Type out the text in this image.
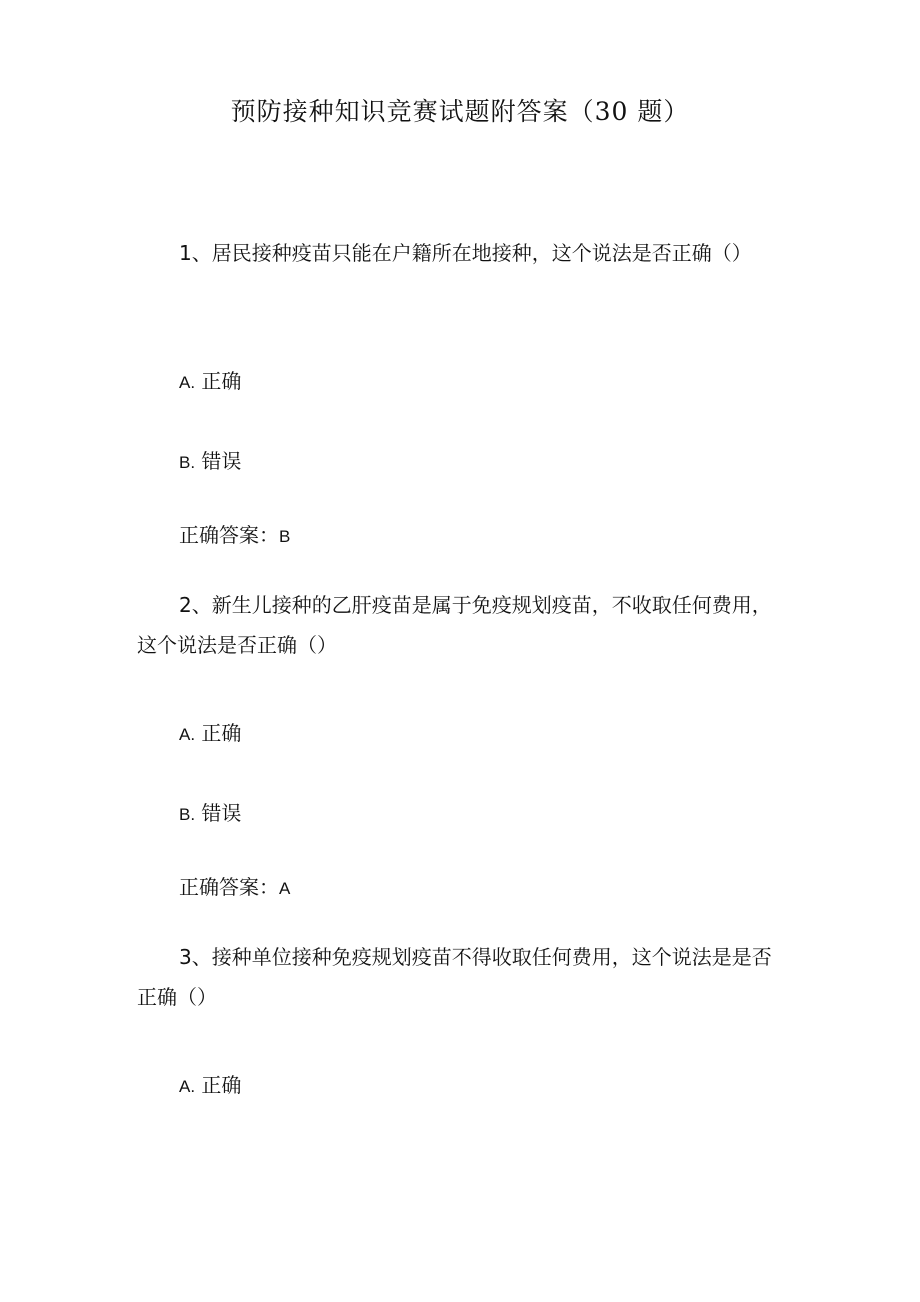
预防接种知识竞赛试题附答案（30 题）
1、居民接种疫苗只能在户籍所在地接种，这个说法是否正确（）
A. 正确
B. 错误
正确答案：B
2、新生儿接种的乙肝疫苗是属于免疫规划疫苗，不收取任何费用，这个说法是否正确（）
A. 正确
B. 错误
正确答案：A
3、接种单位接种免疫规划疫苗不得收取任何费用，这个说法是是否正确（）
A. 正确
